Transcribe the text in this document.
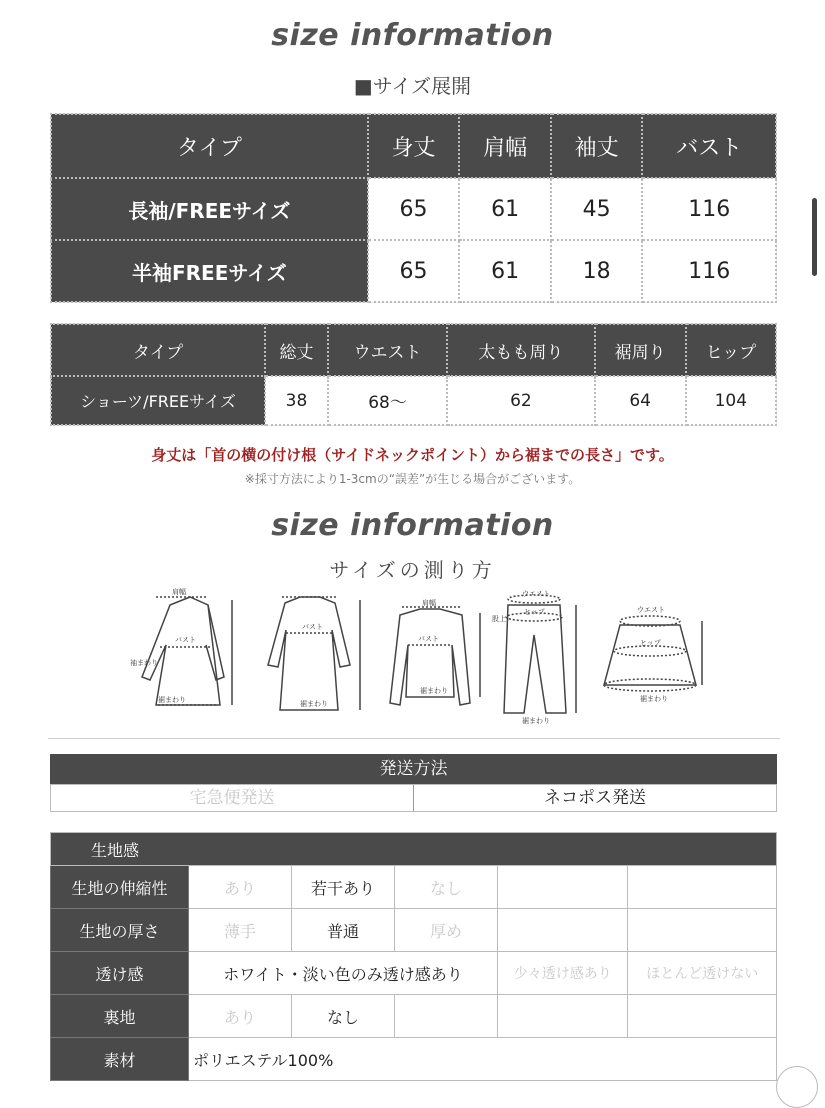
size information
■サイズ展開
タイプ	身丈	肩幅	袖丈	バスト
長袖/FREEサイズ	65	61	45	116
半袖FREEサイズ	65	61	18	116
タイプ	総丈	ウエスト	太もも周り	裾周り	ヒップ
ショーツ/FREEサイズ	38	68〜	62	64	104
身丈は「首の横の付け根（サイドネックポイント）から裾までの長さ」です。
※採寸方法により1-3cmの“誤差”が生じる場合がございます。
size information
サイズの測り方
肩幅
バスト
袖まわり
裾まわり
バスト
裾まわり
肩幅
バスト
裾まわり
ウエスト
ヒップ
股上
裾まわり
ウエスト
ヒップ
裾まわり
発送方法
宅急便発送	ネコポス発送
生地感					
生地の伸縮性	あり	若干あり	なし		
生地の厚さ	薄手	普通	厚め		
透け感	ホワイト・淡い色のみ透け感あり			少々透け感あり	ほとんど透けない
裏地	あり	なし			
素材	ポリエステル100%				
